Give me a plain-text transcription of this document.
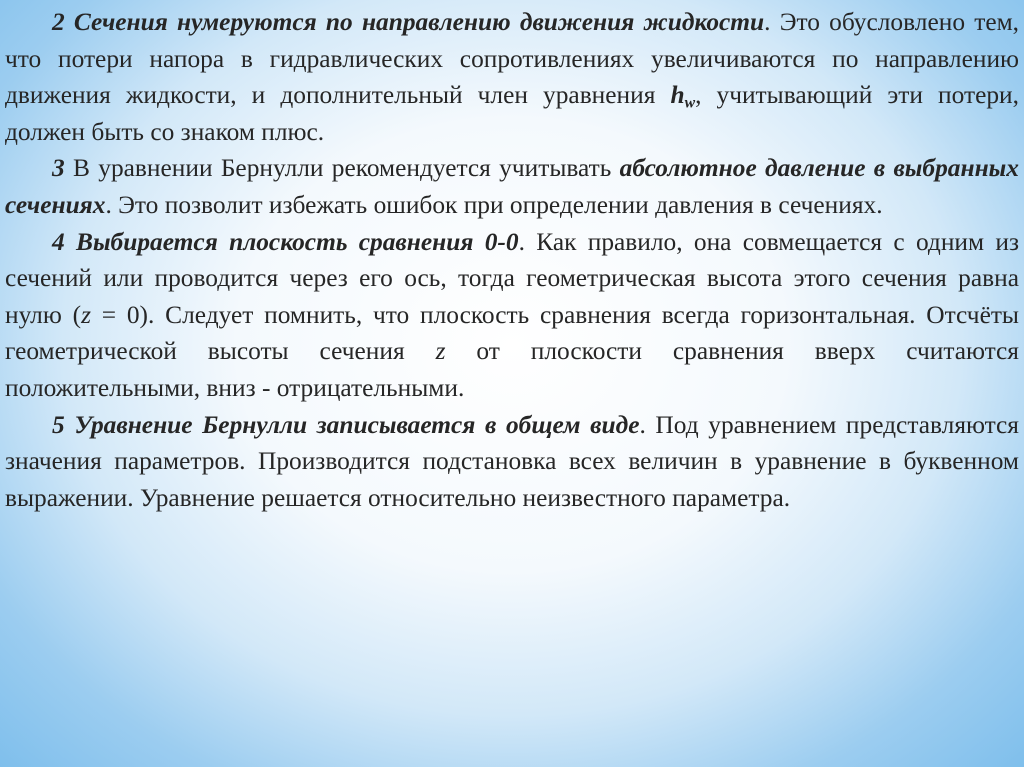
2 Сечения нумеруются по направлению движения жидкости. Это обусловлено тем, что потери напора в гидравлических сопротивлениях увеличиваются по направлению движения жидкости, и дополнительный член уравнения $h_w$, учитывающий эти потери, должен быть со знаком плюс.

3 В уравнении Бернулли рекомендуется учитывать абсолютное давление в выбранных сечениях. Это позволит избежать ошибок при определении давления в сечениях.

4 Выбирается плоскость сравнения 0-0. Как правило, она совмещается с одним из сечений или проводится через его ось, тогда геометрическая высота этого сечения равна нулю (z = 0). Следует помнить, что плоскость сравнения всегда горизонтальная. Отсчёты геометрической высоты сечения z от плоскости сравнения вверх считаются положительными, вниз - отрицательными.

5 Уравнение Бернулли записывается в общем виде. Под уравнением представляются значения параметров. Производится подстановка всех величин в уравнение в буквенном выражении. Уравнение решается относительно неизвестного параметра.
